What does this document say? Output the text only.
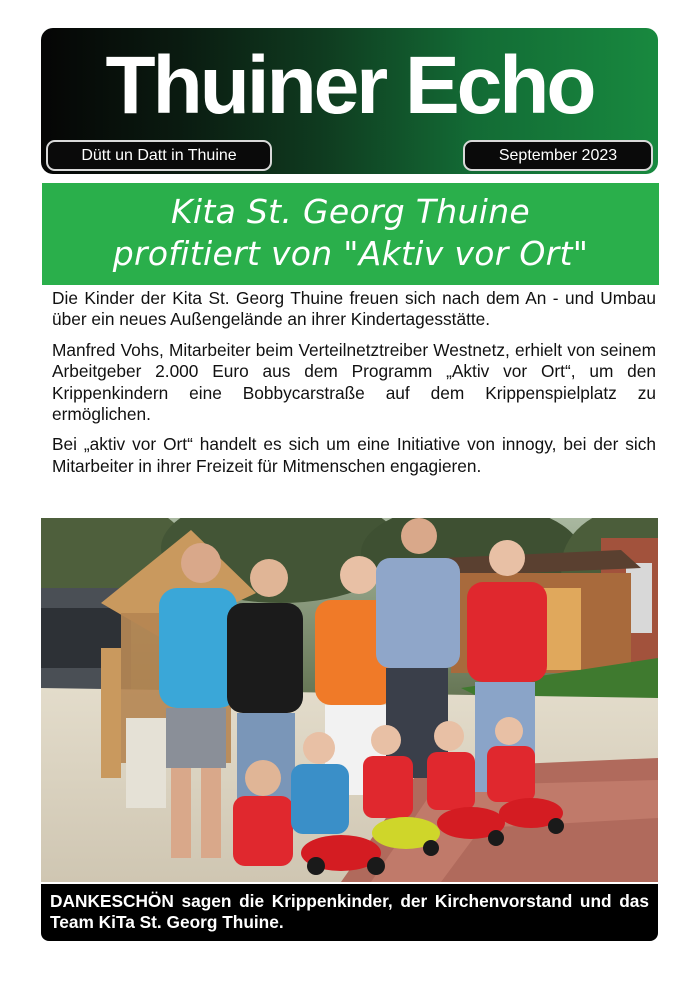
Thuiner Echo
Dütt un Datt in Thuine	September 2023
Kita St. Georg Thuine
profitiert von "Aktiv vor Ort"

Die Kinder der Kita St. Georg Thuine freuen sich nach dem An - und Umbau über ein neues Außengelände an ihrer Kindertagesstätte.

Manfred Vohs, Mitarbeiter beim Verteilnetztreiber Westnetz, erhielt von seinem Arbeitgeber 2.000 Euro aus dem Programm „Aktiv vor Ort“, um den Krippenkindern eine Bobbycarstraße auf dem Krippenspielplatz zu ermöglichen.

Bei „aktiv vor Ort“ handelt es sich um eine Initiative von innogy, bei der sich Mitarbeiter in ihrer Freizeit für Mitmenschen engagieren.

DANKESCHÖN sagen die Krippenkinder, der Kirchenvorstand und das Team KiTa St. Georg Thuine.
